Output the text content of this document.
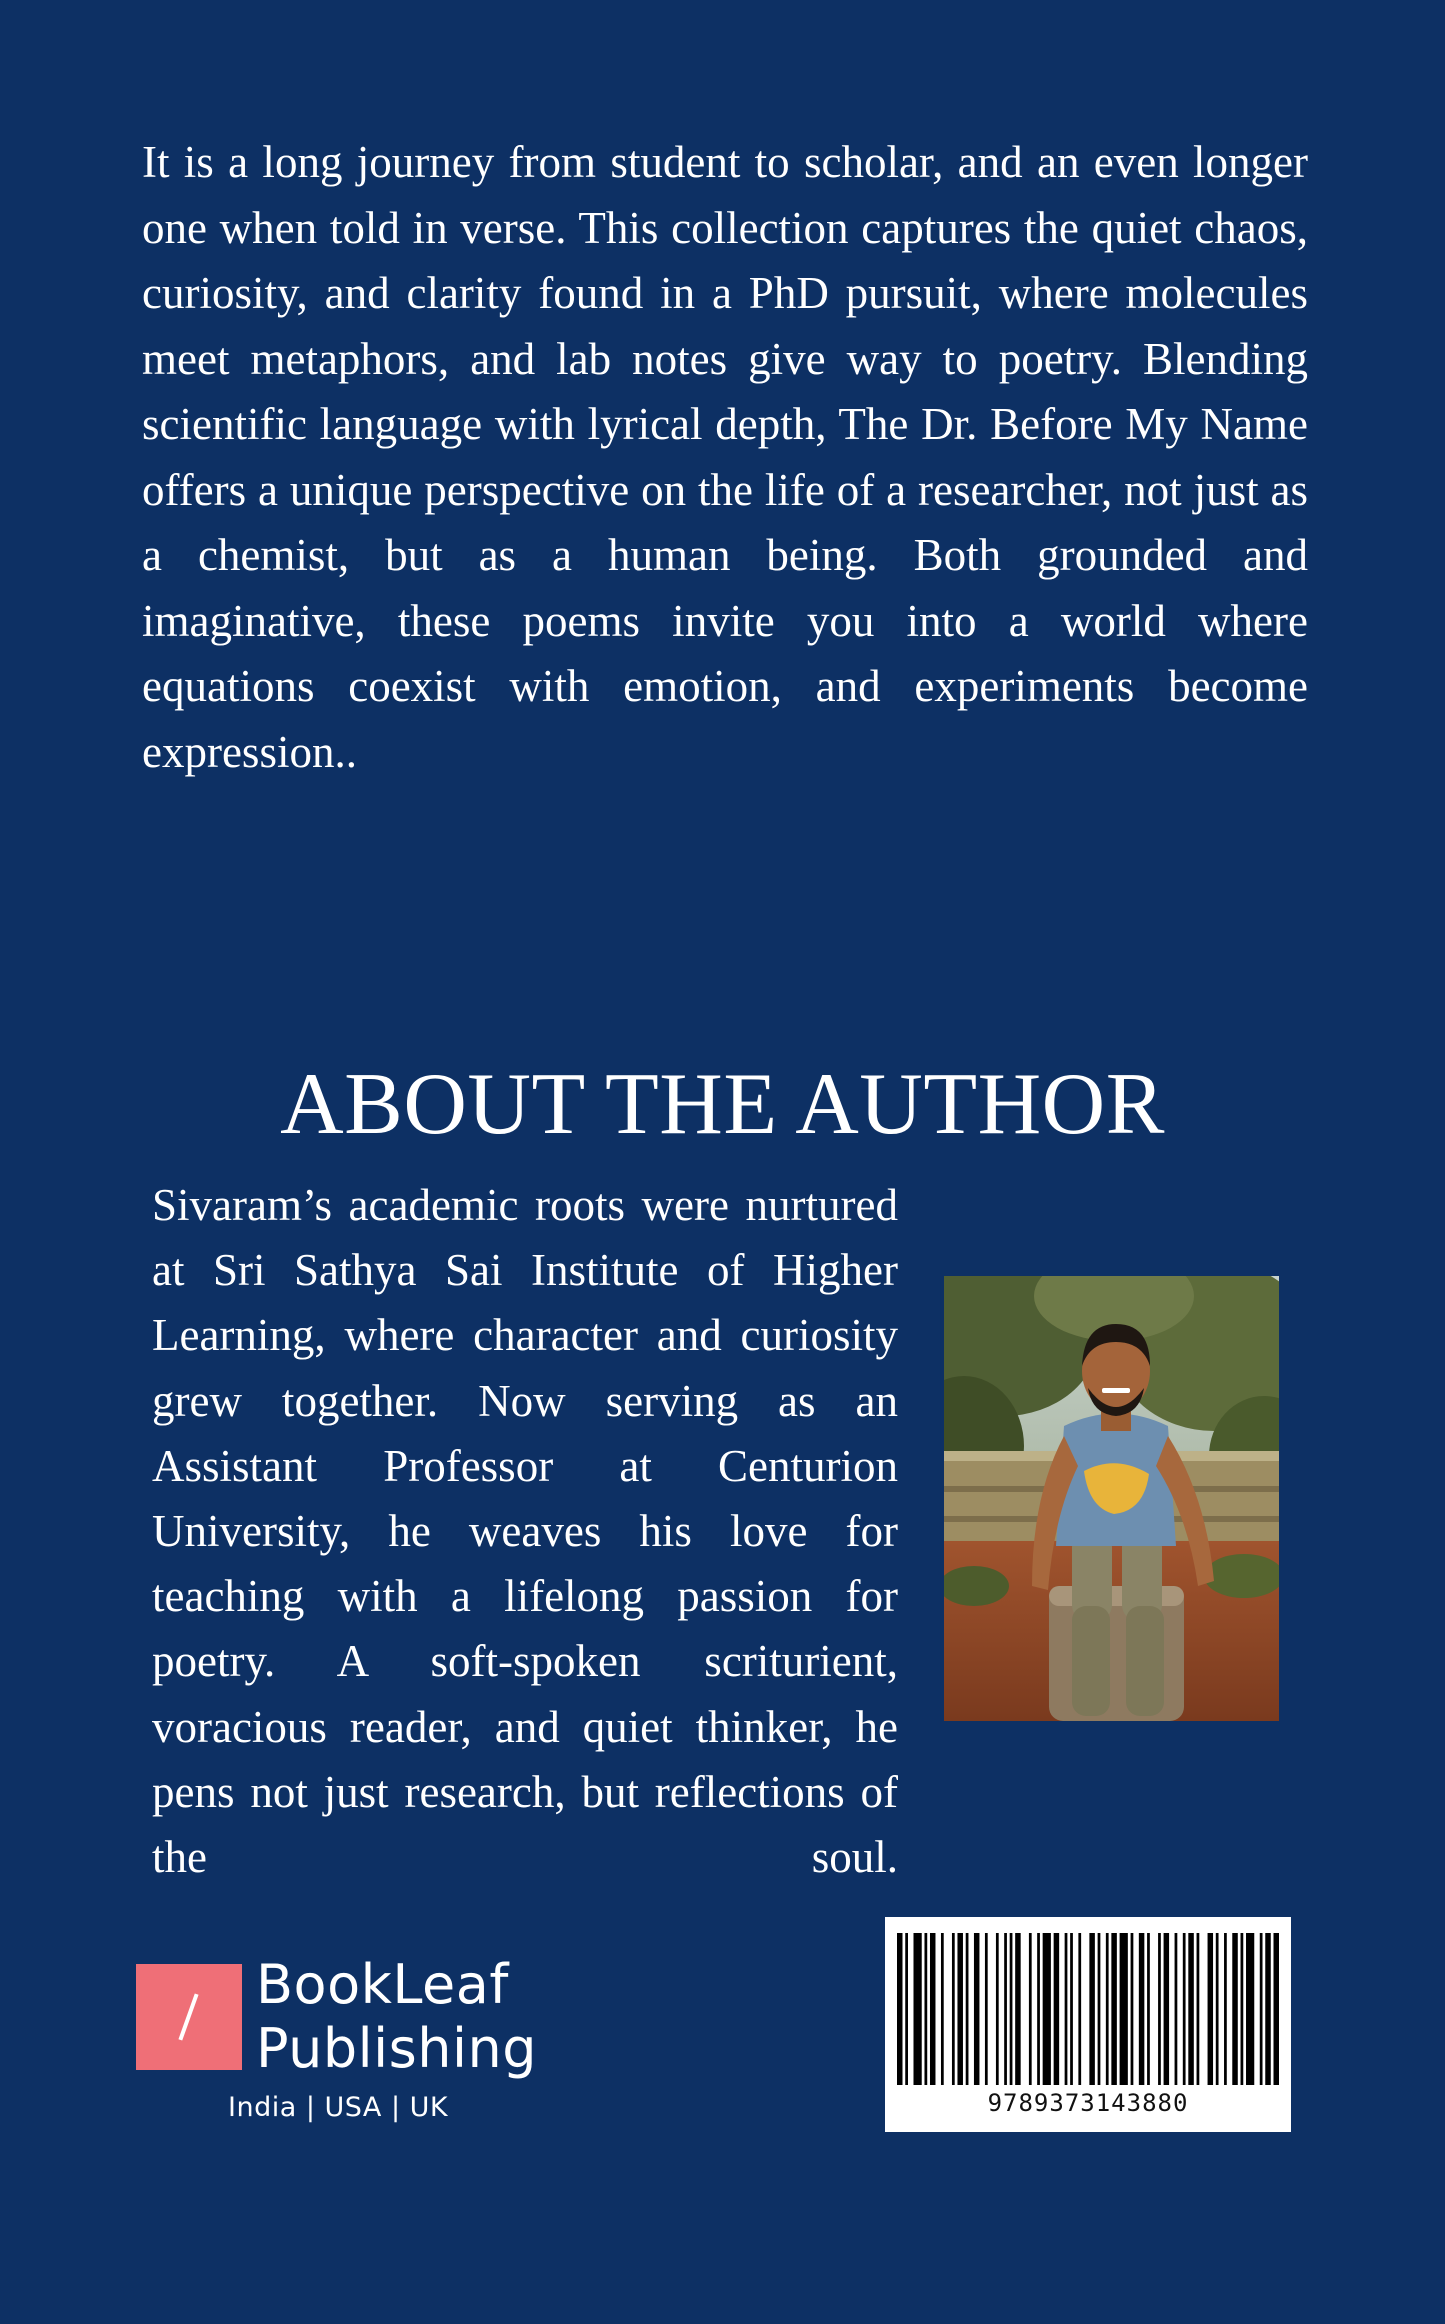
It is a long journey from student to scholar, and an even longer one when told in verse. This collection captures the quiet chaos, curiosity, and clarity found in a PhD pursuit, where molecules meet metaphors, and lab notes give way to poetry. Blending scientific language with lyrical depth, The Dr. Before My Name offers a unique perspective on the life of a researcher, not just as a chemist, but as a human being. Both grounded and imaginative, these poems invite you into a world where equations coexist with emotion, and experiments become expression..
ABOUT THE AUTHOR
Sivaram’s academic roots were nurtured at Sri Sathya Sai Institute of Higher Learning, where character and curiosity grew together. Now serving as an Assistant Professor at Centurion University, he weaves his love for teaching with a lifelong passion for poetry. A soft-spoken scriturient, voracious reader, and quiet thinker, he pens not just research, but reflections of the soul.
9789373143880
BookLeaf
Publishing
India | USA | UK
